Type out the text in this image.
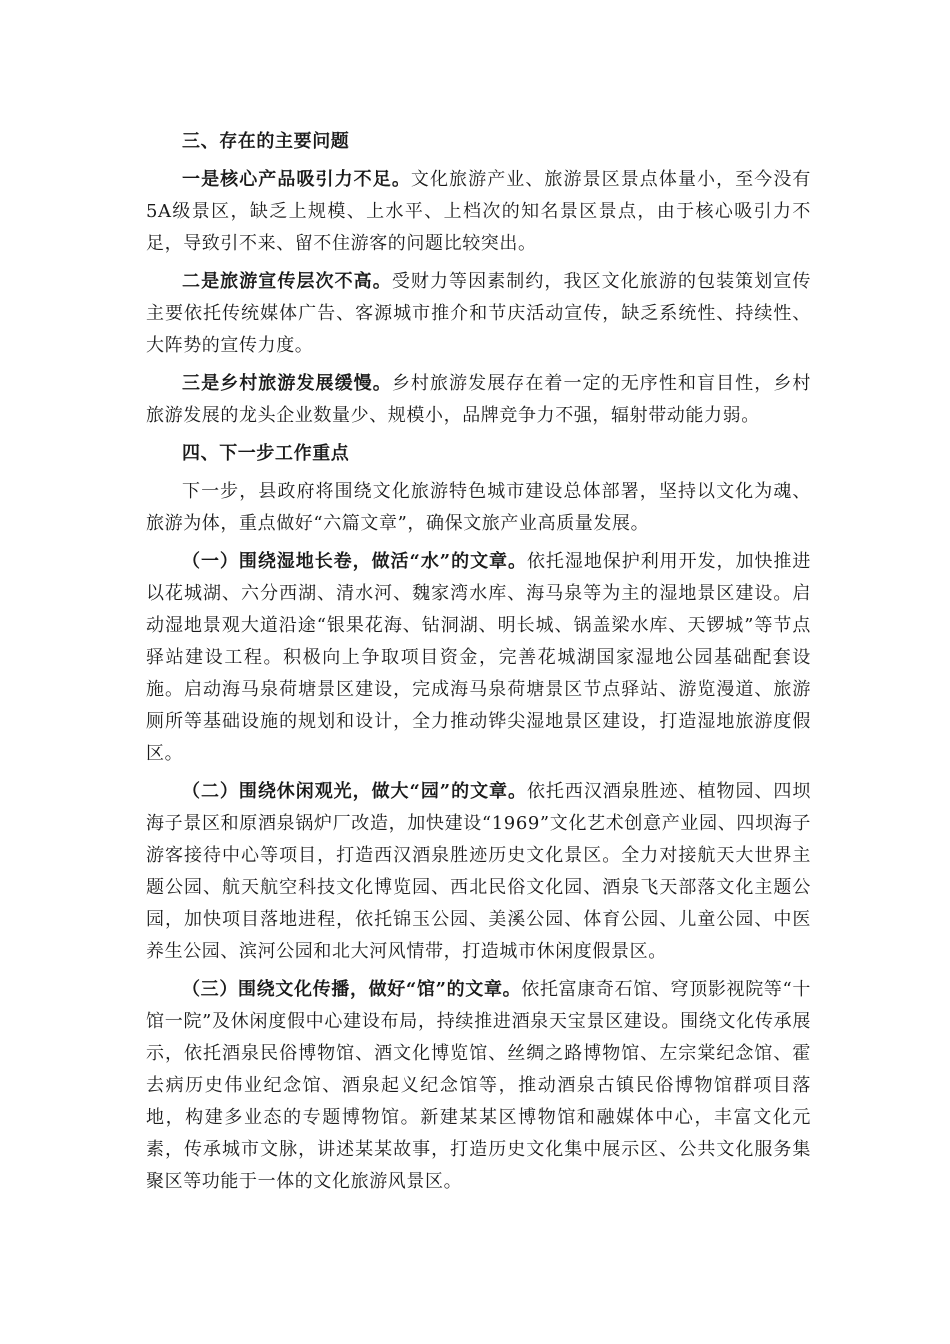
三、存在的主要问题

一是核心产品吸引力不足。文化旅游产业、旅游景区景点体量小，至今没有5A级景区，缺乏上规模、上水平、上档次的知名景区景点，由于核心吸引力不足，导致引不来、留不住游客的问题比较突出。

二是旅游宣传层次不高。受财力等因素制约，我区文化旅游的包装策划宣传主要依托传统媒体广告、客源城市推介和节庆活动宣传，缺乏系统性、持续性、大阵势的宣传力度。

三是乡村旅游发展缓慢。乡村旅游发展存在着一定的无序性和盲目性，乡村旅游发展的龙头企业数量少、规模小，品牌竞争力不强，辐射带动能力弱。

四、下一步工作重点

下一步，县政府将围绕文化旅游特色城市建设总体部署，坚持以文化为魂、旅游为体，重点做好“六篇文章”，确保文旅产业高质量发展。

（一）围绕湿地长卷，做活“水”的文章。依托湿地保护利用开发，加快推进以花城湖、六分西湖、清水河、魏家湾水库、海马泉等为主的湿地景区建设。启动湿地景观大道沿途“银果花海、钻洞湖、明长城、锅盖梁水库、天锣城”等节点驿站建设工程。积极向上争取项目资金，完善花城湖国家湿地公园基础配套设施。启动海马泉荷塘景区建设，完成海马泉荷塘景区节点驿站、游览漫道、旅游厕所等基础设施的规划和设计，全力推动铧尖湿地景区建设，打造湿地旅游度假区。

（二）围绕休闲观光，做大“园”的文章。依托西汉酒泉胜迹、植物园、四坝海子景区和原酒泉锅炉厂改造，加快建设“1969”文化艺术创意产业园、四坝海子游客接待中心等项目，打造西汉酒泉胜迹历史文化景区。全力对接航天大世界主题公园、航天航空科技文化博览园、西北民俗文化园、酒泉飞天部落文化主题公园，加快项目落地进程，依托锦玉公园、美溪公园、体育公园、儿童公园、中医养生公园、滨河公园和北大河风情带，打造城市休闲度假景区。

（三）围绕文化传播，做好“馆”的文章。依托富康奇石馆、穹顶影视院等“十馆一院”及休闲度假中心建设布局，持续推进酒泉天宝景区建设。围绕文化传承展示，依托酒泉民俗博物馆、酒文化博览馆、丝绸之路博物馆、左宗棠纪念馆、霍去病历史伟业纪念馆、酒泉起义纪念馆等，推动酒泉古镇民俗博物馆群项目落地，构建多业态的专题博物馆。新建某某区博物馆和融媒体中心，丰富文化元素，传承城市文脉，讲述某某故事，打造历史文化集中展示区、公共文化服务集聚区等功能于一体的文化旅游风景区。
